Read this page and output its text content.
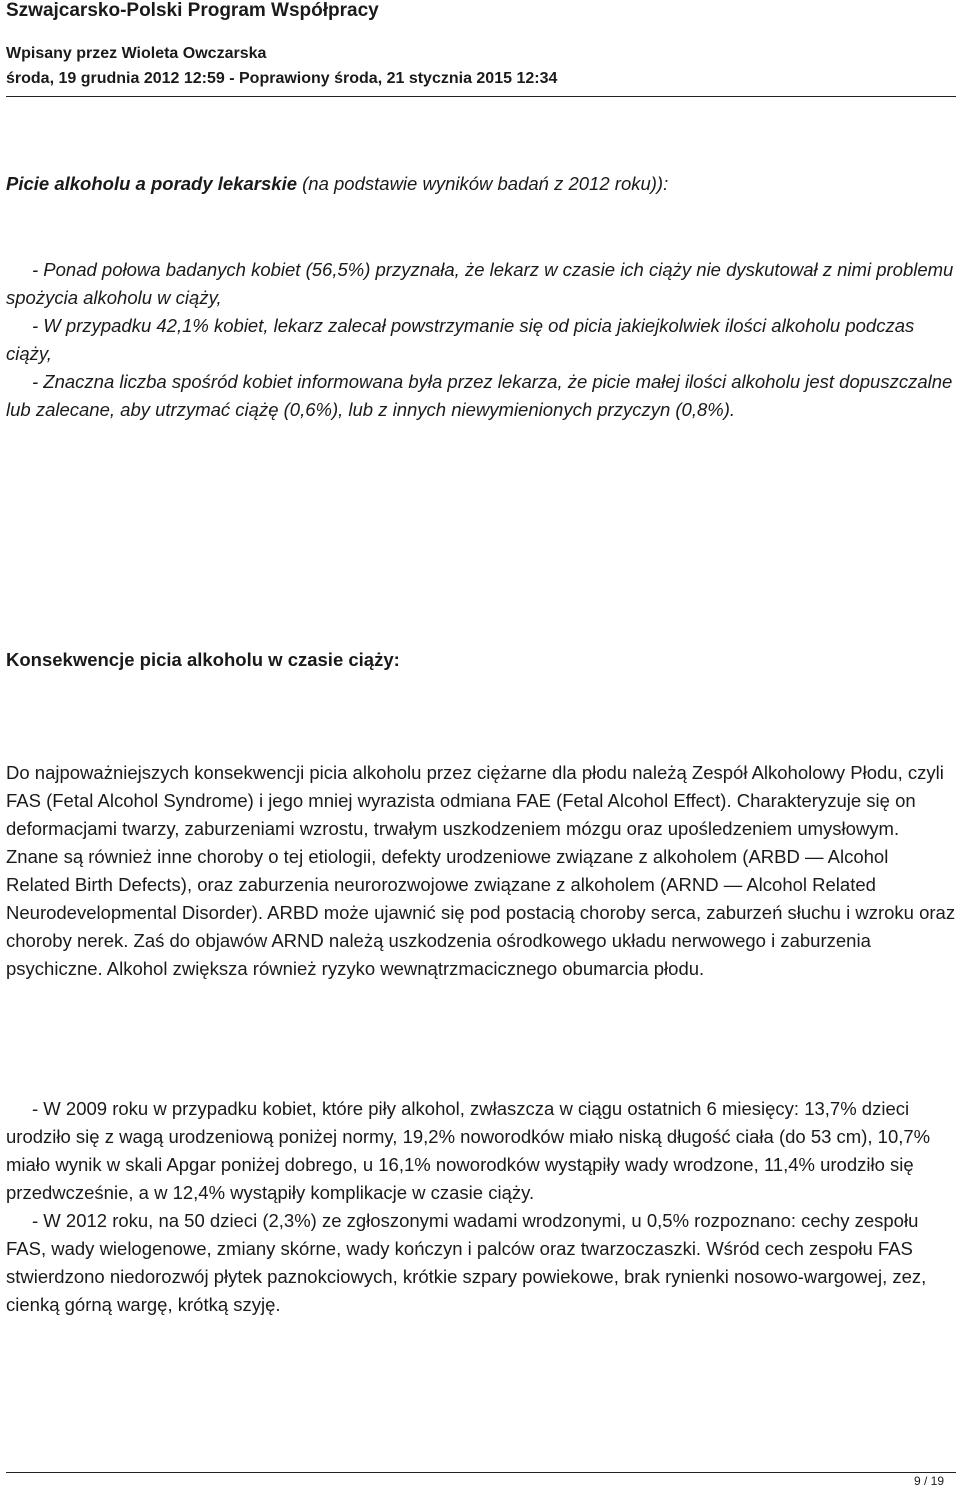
Szwajcarsko-Polski Program Współpracy
Wpisany przez Wioleta Owczarska
środa, 19 grudnia 2012 12:59 - Poprawiony środa, 21 stycznia 2015 12:34
Picie alkoholu a porady lekarskie (na podstawie wyników badań z 2012 roku)):

- Ponad połowa badanych kobiet (56,5%) przyznała, że lekarz w czasie ich ciąży nie dyskutował z nimi problemu spożycia alkoholu w ciąży,

- W przypadku 42,1% kobiet, lekarz zalecał powstrzymanie się od picia jakiejkolwiek ilości alkoholu podczas ciąży,

- Znaczna liczba spośród kobiet informowana była przez lekarza, że picie małej ilości alkoholu jest dopuszczalne lub zalecane, aby utrzymać ciążę (0,6%), lub z innych niewymienionych przyczyn (0,8%).

Konsekwencje picia alkoholu w czasie ciąży:

Do najpoważniejszych konsekwencji picia alkoholu przez ciężarne dla płodu należą Zespół Alkoholowy Płodu, czyli FAS (Fetal Alcohol Syndrome) i jego mniej wyrazista odmiana FAE (Fetal Alcohol Effect). Charakteryzuje się on deformacjami twarzy, zaburzeniami wzrostu, trwałym uszkodzeniem mózgu oraz upośledzeniem umysłowym. Znane są również inne choroby o tej etiologii, defekty urodzeniowe związane z alkoholem (ARBD — Alcohol Related Birth Defects), oraz zaburzenia neurorozwojowe związane z alkoholem (ARND — Alcohol Related Neurodevelopmental Disorder). ARBD może ujawnić się pod postacią choroby serca, zaburzeń słuchu i wzroku oraz choroby nerek. Zaś do objawów ARND należą uszkodzenia ośrodkowego układu nerwowego i zaburzenia psychiczne. Alkohol zwiększa również ryzyko wewnątrzmacicznego obumarcia płodu.

- W 2009 roku w przypadku kobiet, które piły alkohol, zwłaszcza w ciągu ostatnich 6 miesięcy: 13,7% dzieci urodziło się z wagą urodzeniową poniżej normy, 19,2% noworodków miało niską długość ciała (do 53 cm), 10,7% miało wynik w skali Apgar poniżej dobrego, u 16,1% noworodków wystąpiły wady wrodzone, 11,4% urodziło się przedwcześnie, a w 12,4% wystąpiły komplikacje w czasie ciąży.

- W 2012 roku, na 50 dzieci (2,3%) ze zgłoszonymi wadami wrodzonymi, u 0,5% rozpoznano: cechy zespołu FAS, wady wielogenowe, zmiany skórne, wady kończyn i palców oraz twarzoczaszki. Wśród cech zespołu FAS stwierdzono niedorozwój płytek paznokciowych, krótkie szpary powiekowe, brak rynienki nosowo-wargowej, zez, cienką górną wargę, krótką szyję.

9 / 19
